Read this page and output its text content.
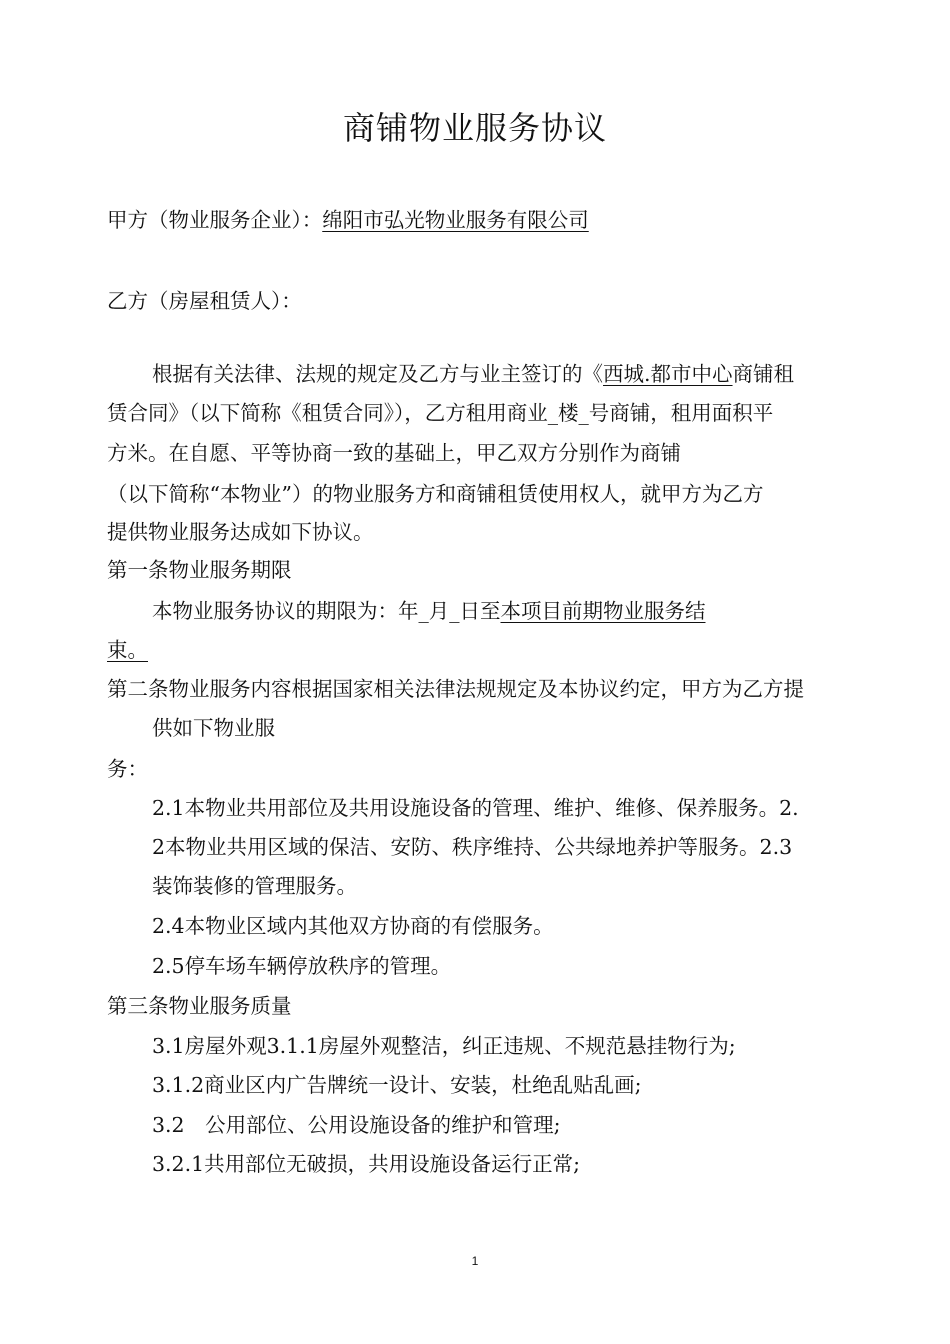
商铺物业服务协议
甲方（物业服务企业）：绵阳市弘光物业服务有限公司
乙方（房屋租赁人）：
根据有关法律、法规的规定及乙方与业主签订的《西城.都市中心商铺租
赁合同》（以下简称《租赁合同》），乙方租用商业_楼_号商铺，租用面积平
方米。在自愿、平等协商一致的基础上，甲乙双方分别作为商铺
（以下简称“本物业”）的物业服务方和商铺租赁使用权人，就甲方为乙方
提供物业服务达成如下协议。
第一条物业服务期限
本物业服务协议的期限为：年_月_日至本项目前期物业服务结
束。
第二条物业服务内容根据国家相关法律法规规定及本协议约定，甲方为乙方提
供如下物业服
务：
2.1本物业共用部位及共用设施设备的管理、维护、维修、保养服务。2.
2本物业共用区域的保洁、安防、秩序维持、公共绿地养护等服务。2.3
装饰装修的管理服务。
2.4本物业区域内其他双方协商的有偿服务。
2.5停车场车辆停放秩序的管理。
第三条物业服务质量
3.1房屋外观3.1.1房屋外观整洁，纠正违规、不规范悬挂物行为;
3.1.2商业区内广告牌统一设计、安装，杜绝乱贴乱画;
3.2　公用部位、公用设施设备的维护和管理;
3.2.1共用部位无破损，共用设施设备运行正常;
1
